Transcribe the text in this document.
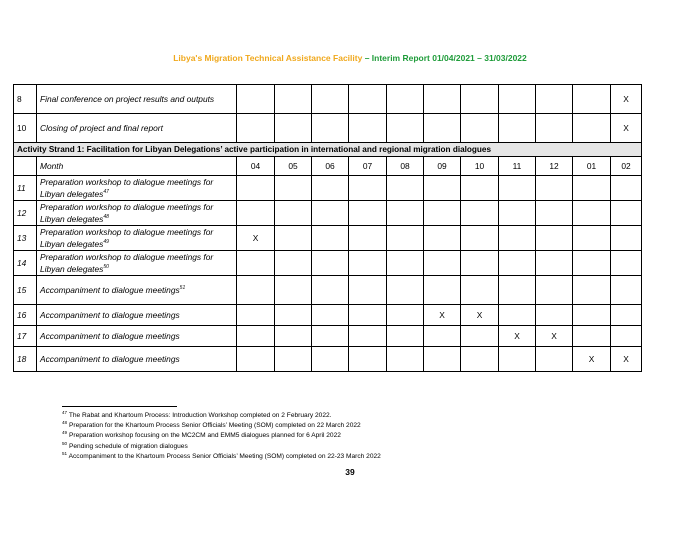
Libya's Migration Technical Assistance Facility – Interim Report 01/04/2021 – 31/03/2022
8	Final conference on project results and outputs											X
10	Closing of project and final report											X
Activity Strand 1: Facilitation for Libyan Delegations’ active participation in international and regional migration dialogues												
	Month	04	05	06	07	08	09	10	11	12	01	02
11	Preparation workshop to dialogue meetings for Libyan delegates$^{47}$											
12	Preparation workshop to dialogue meetings for Libyan delegates$^{48}$											
13	Preparation workshop to dialogue meetings for Libyan delegates$^{49}$	X										
14	Preparation workshop to dialogue meetings for Libyan delegates$^{50}$											
15	Accompaniment to dialogue meetings$^{51}$											
16	Accompaniment to dialogue meetings						X	X				
17	Accompaniment to dialogue meetings								X	X		
18	Accompaniment to dialogue meetings										X	X
$^{47}$ The Rabat and Khartoum Process: Introduction Workshop completed on 2 February 2022.
$^{48}$ Preparation for the Khartoum Process Senior Officials’ Meeting (SOM) completed on 22 March 2022
$^{49}$ Preparation workshop focusing on the MC2CM and EMM5 dialogues planned for 6 April 2022
$^{50}$ Pending schedule of migration dialogues
$^{51}$ Accompaniment to the Khartoum Process Senior Officials’ Meeting (SOM) completed on 22-23 March 2022
39
